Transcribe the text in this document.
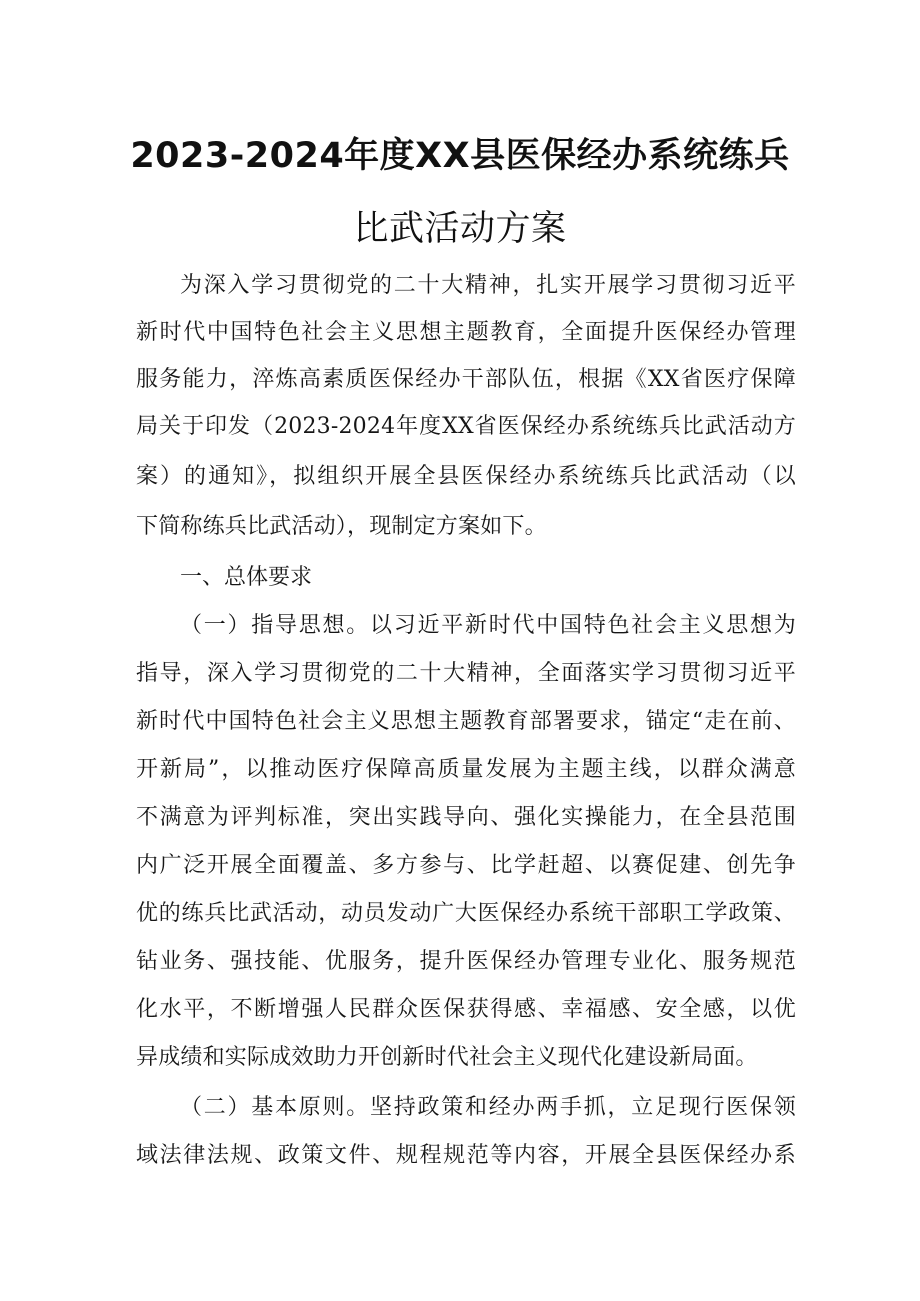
2023-2024年度XX县医保经办系统练兵
比武活动方案
为深入学习贯彻党的二十大精神，扎实开展学习贯彻习近平
新时代中国特色社会主义思想主题教育，全面提升医保经办管理
服务能力，淬炼高素质医保经办干部队伍，根据《XX省医疗保障
局关于印发（2023-2024年度XX省医保经办系统练兵比武活动方
案）的通知》，拟组织开展全县医保经办系统练兵比武活动（以
下简称练兵比武活动），现制定方案如下。
一、总体要求
（一）指导思想。以习近平新时代中国特色社会主义思想为
指导，深入学习贯彻党的二十大精神，全面落实学习贯彻习近平
新时代中国特色社会主义思想主题教育部署要求，锚定“走在前、
开新局”，以推动医疗保障高质量发展为主题主线，以群众满意
不满意为评判标准，突出实践导向、强化实操能力，在全县范围
内广泛开展全面覆盖、多方参与、比学赶超、以赛促建、创先争
优的练兵比武活动，动员发动广大医保经办系统干部职工学政策、
钻业务、强技能、优服务，提升医保经办管理专业化、服务规范
化水平，不断增强人民群众医保获得感、幸福感、安全感，以优
异成绩和实际成效助力开创新时代社会主义现代化建设新局面。
（二）基本原则。坚持政策和经办两手抓，立足现行医保领
域法律法规、政策文件、规程规范等内容，开展全县医保经办系
